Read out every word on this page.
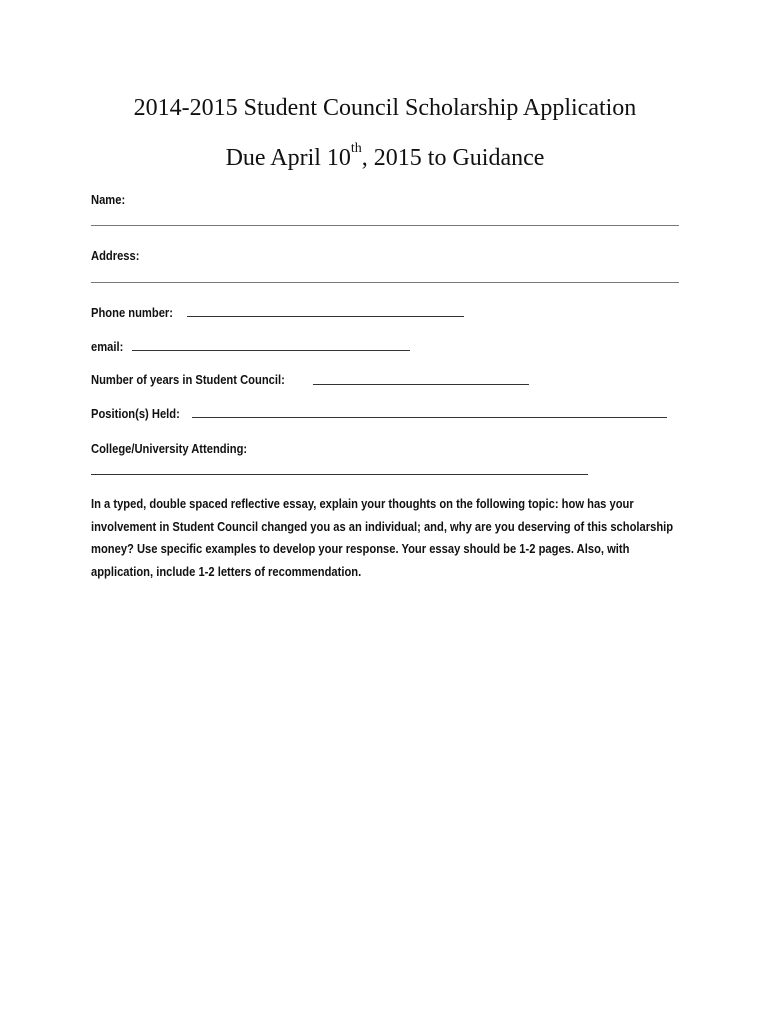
2014-2015 Student Council Scholarship Application
Due April 10th, 2015 to Guidance
Name:
Address:
Phone number:
email:
Number of years in Student Council:
Position(s) Held:
College/University Attending:

In a typed, double spaced reflective essay, explain your thoughts on the following topic: how has your involvement in Student Council changed you as an individual; and, why are you deserving of this scholarship money? Use specific examples to develop your response. Your essay should be 1-2 pages. Also, with application, include 1-2 letters of recommendation.
